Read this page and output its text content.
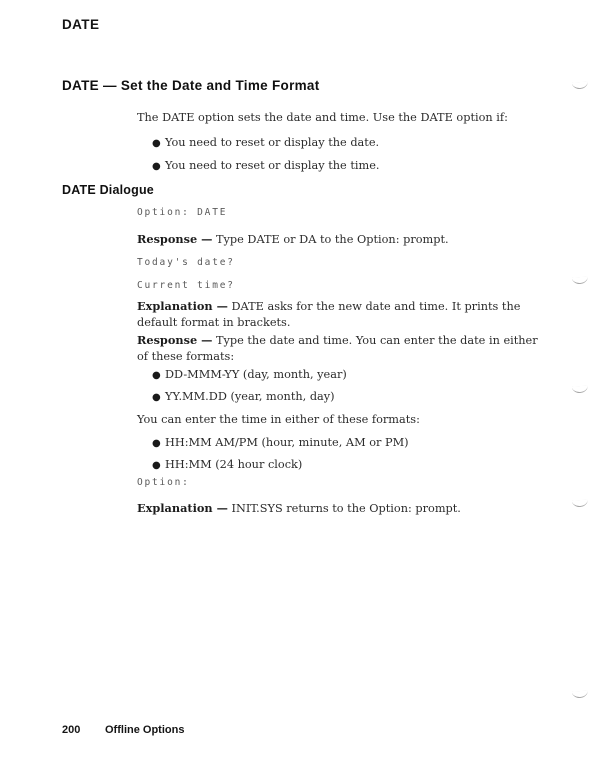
DATE
DATE — Set the Date and Time Format
The DATE option sets the date and time. Use the DATE option if:
● You need to reset or display the date.
● You need to reset or display the time.
DATE Dialogue
Option: DATE
Response — Type DATE or DA to the Option: prompt.
Today's date?
Current time?
Explanation — DATE asks for the new date and time. It prints the default format in brackets.
Response — Type the date and time. You can enter the date in either of these formats:
● DD-MMM-YY (day, month, year)
● YY.MM.DD (year, month, day)
You can enter the time in either of these formats:
● HH:MM AM/PM (hour, minute, AM or PM)
● HH:MM (24 hour clock)
Option:
Explanation — INIT.SYS returns to the Option: prompt.
200	Offline Options
